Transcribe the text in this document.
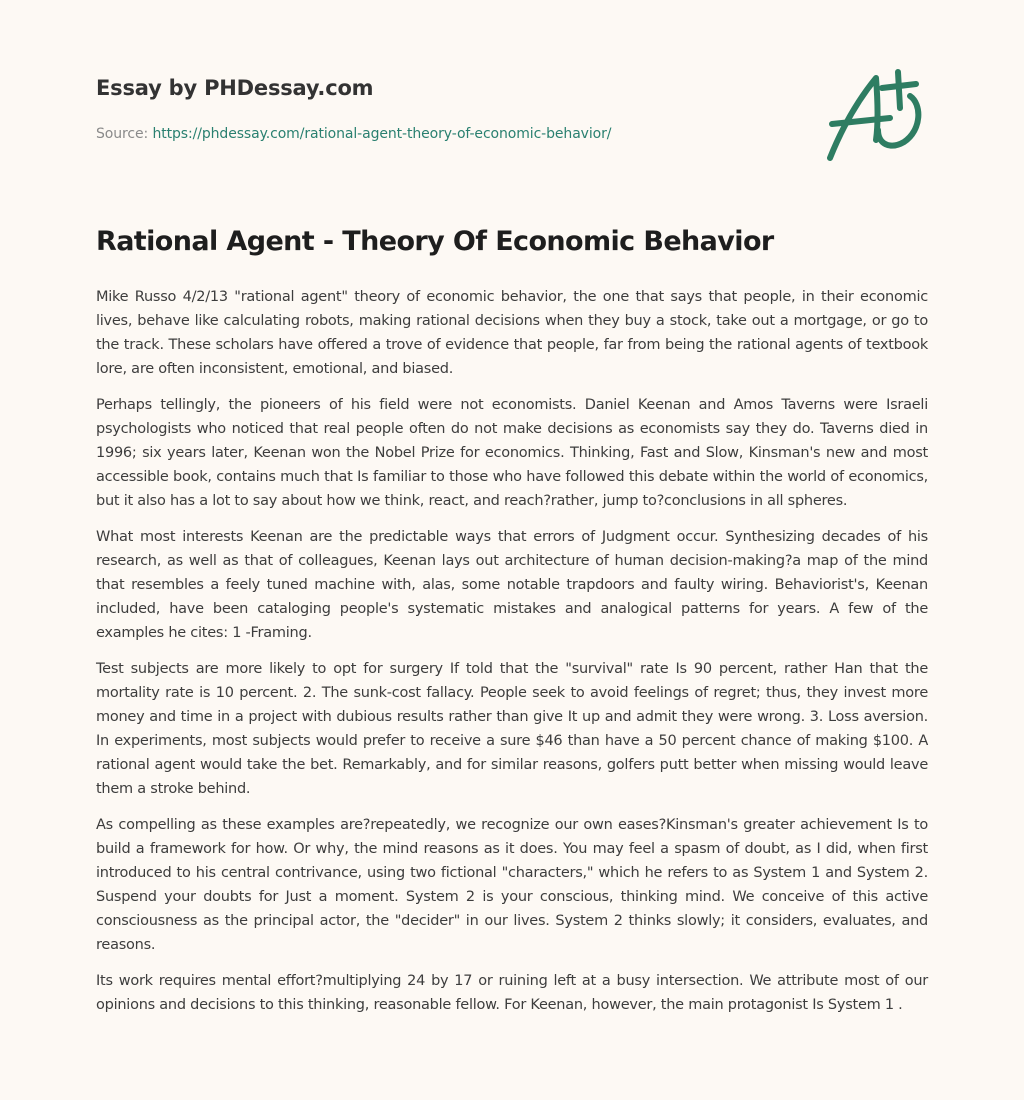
Essay by PHDessay.com
Source: https://phdessay.com/rational-agent-theory-of-economic-behavior/
Rational Agent - Theory Of Economic Behavior

Mike Russo 4/2/13 "rational agent" theory of economic behavior, the one that says that people, in their economic lives, behave like calculating robots, making rational decisions when they buy a stock, take out a mortgage, or go to the track. These scholars have offered a trove of evidence that people, far from being the rational agents of textbook lore, are often inconsistent, emotional, and biased.

Perhaps tellingly, the pioneers of his field were not economists. Daniel Keenan and Amos Taverns were Israeli psychologists who noticed that real people often do not make decisions as economists say they do. Taverns died in 1996; six years later, Keenan won the Nobel Prize for economics. Thinking, Fast and Slow, Kinsman's new and most accessible book, contains much that Is familiar to those who have followed this debate within the world of economics, but it also has a lot to say about how we think, react, and reach?rather, jump to?conclusions in all spheres.

What most interests Keenan are the predictable ways that errors of Judgment occur. Synthesizing decades of his research, as well as that of colleagues, Keenan lays out architecture of human decision-making?a map of the mind that resembles a feely tuned machine with, alas, some notable trapdoors and faulty wiring. Behaviorist's, Keenan included, have been cataloging people's systematic mistakes and analogical patterns for years. A few of the examples he cites: 1 -Framing.

Test subjects are more likely to opt for surgery If told that the "survival" rate Is 90 percent, rather Han that the mortality rate is 10 percent. 2. The sunk-cost fallacy. People seek to avoid feelings of regret; thus, they invest more money and time in a project with dubious results rather than give It up and admit they were wrong. 3. Loss aversion. In experiments, most subjects would prefer to receive a sure $46 than have a 50 percent chance of making $100. A rational agent would take the bet. Remarkably, and for similar reasons, golfers putt better when missing would leave them a stroke behind.

As compelling as these examples are?repeatedly, we recognize our own eases?Kinsman's greater achievement Is to build a framework for how. Or why, the mind reasons as it does. You may feel a spasm of doubt, as I did, when first introduced to his central contrivance, using two fictional "characters," which he refers to as System 1 and System 2. Suspend your doubts for Just a moment. System 2 is your conscious, thinking mind. We conceive of this active consciousness as the principal actor, the "decider" in our lives. System 2 thinks slowly; it considers, evaluates, and reasons.

Its work requires mental effort?multiplying 24 by 17 or ruining left at a busy intersection. We attribute most of our opinions and decisions to this thinking, reasonable fellow. For Keenan, however, the main protagonist Is System 1 .
